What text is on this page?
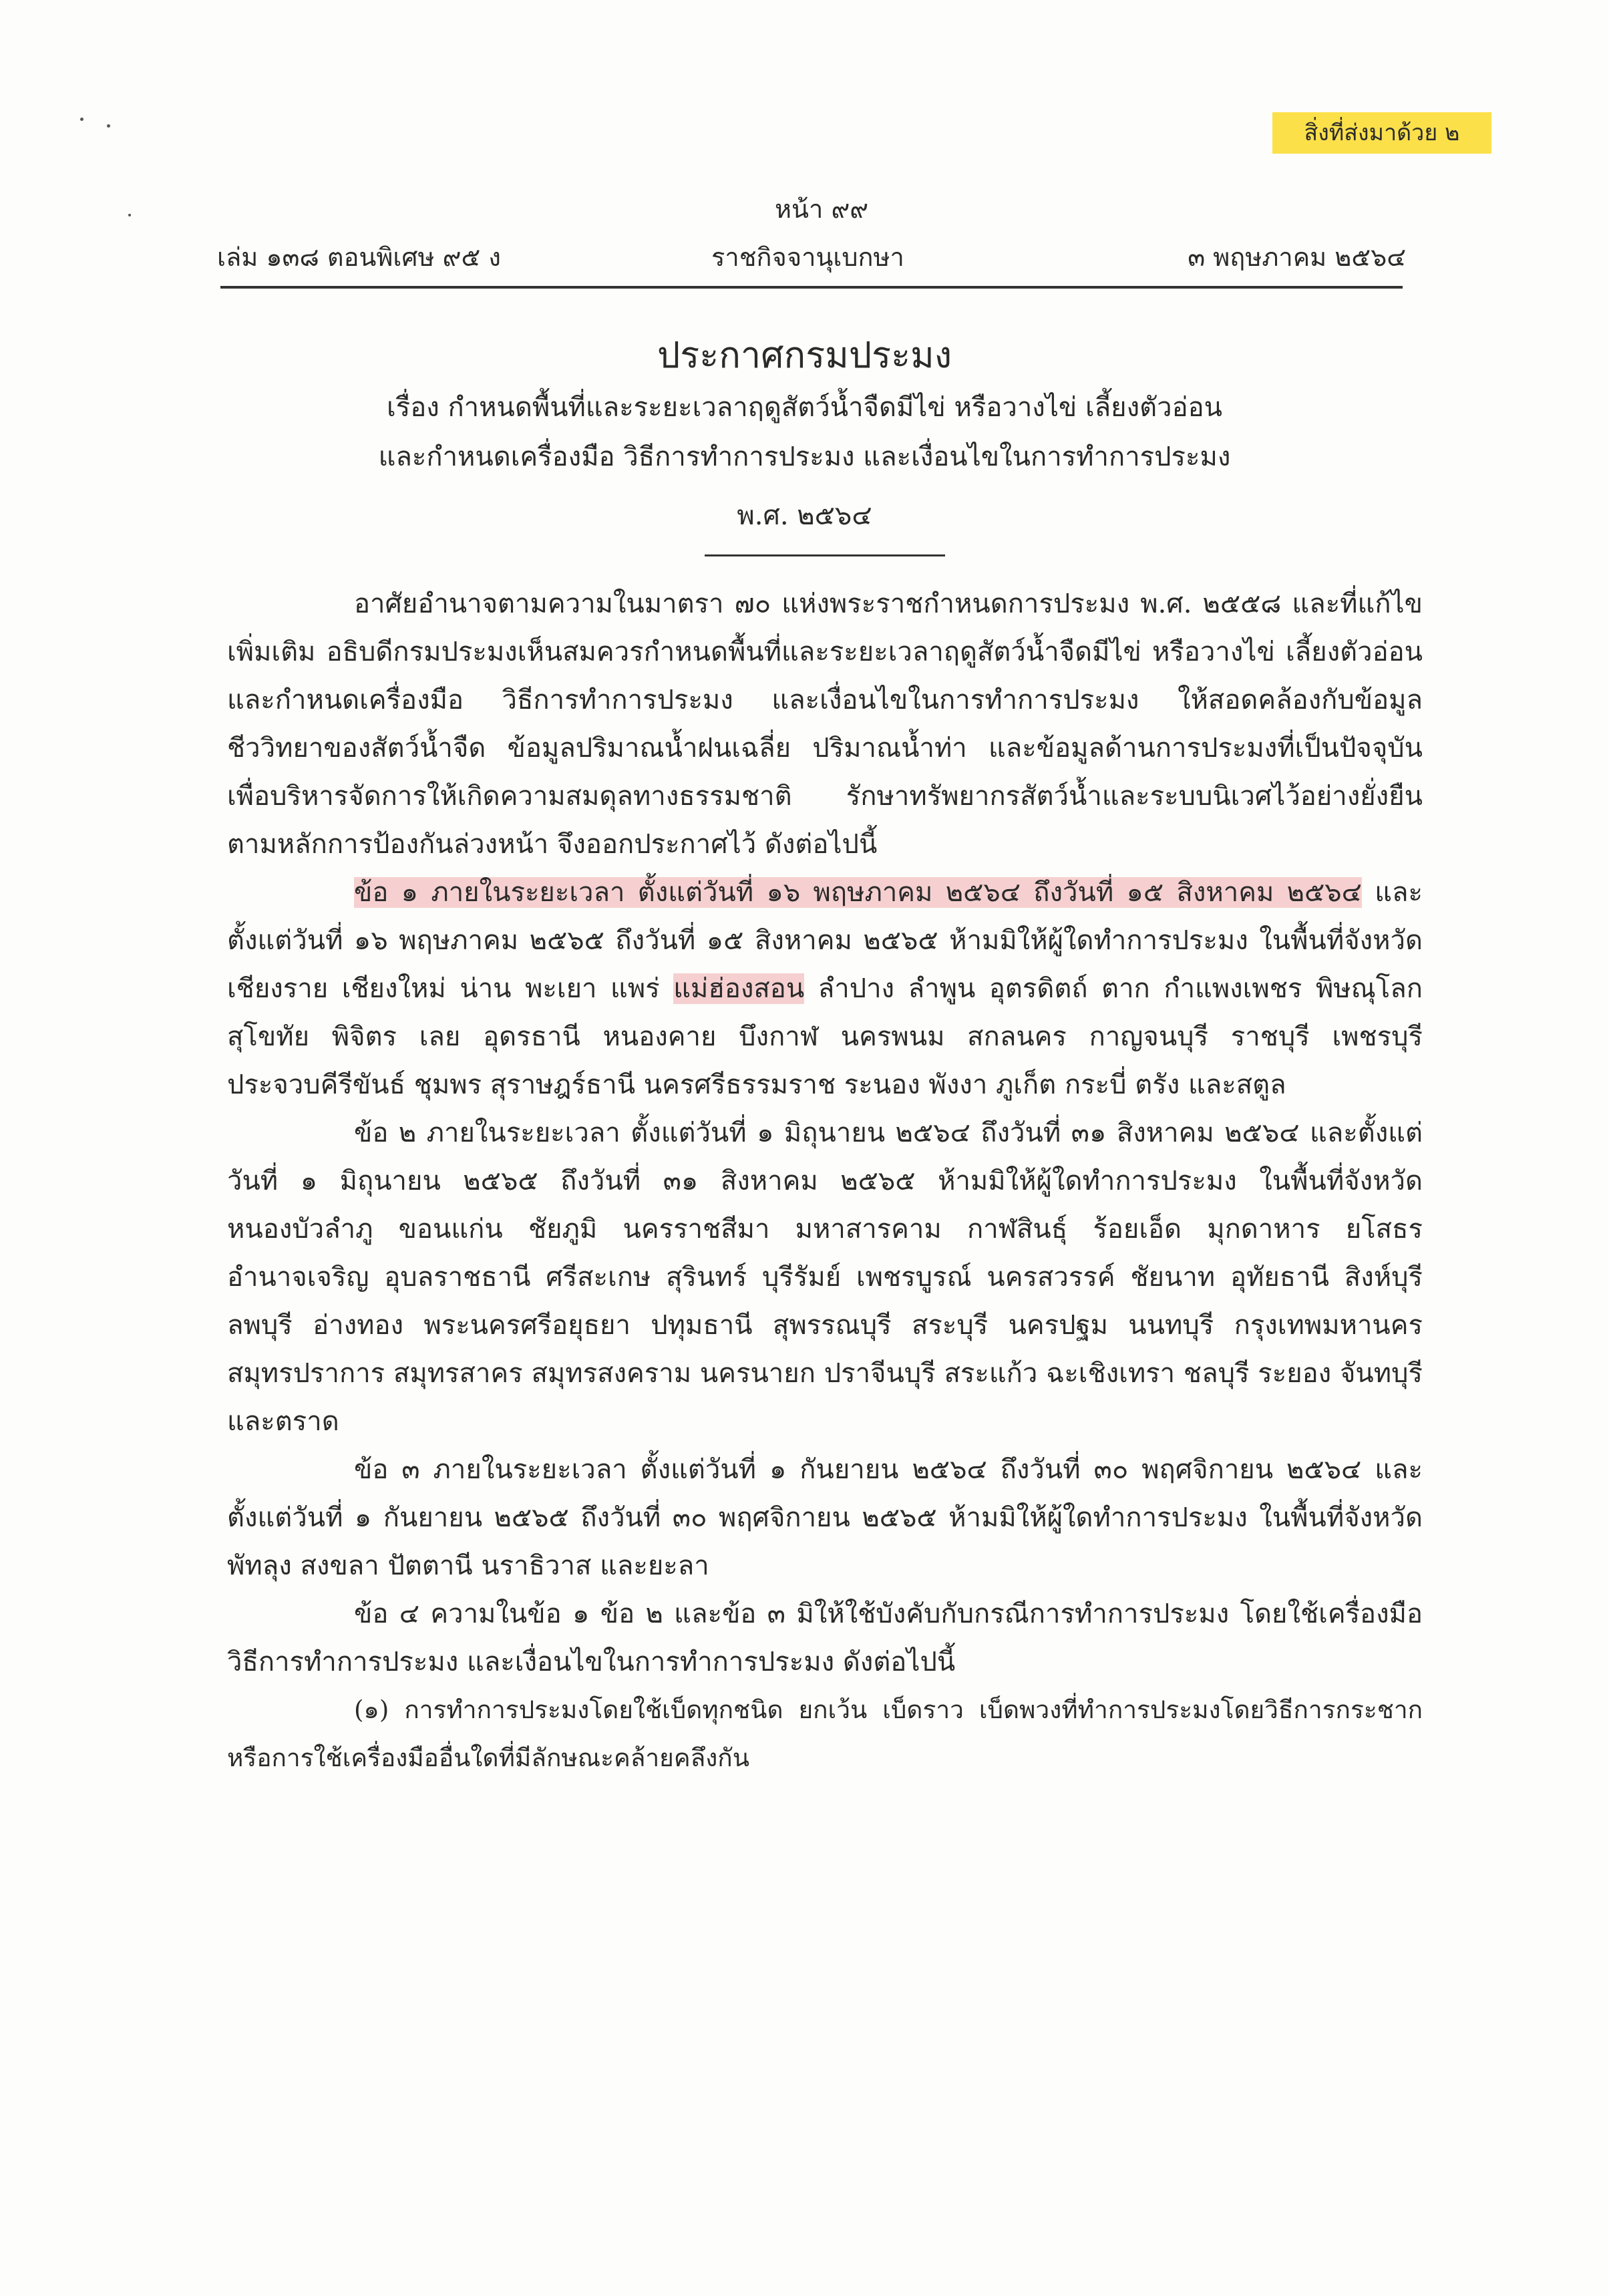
สิ่งที่ส่งมาด้วย ๒
หน้า ๙๙
เล่ม ๑๓๘ ตอนพิเศษ ๙๕ ง	ราชกิจจานุเบกษา	๓ พฤษภาคม ๒๕๖๔
ประกาศกรมประมง
เรื่อง กำหนดพื้นที่และระยะเวลาฤดูสัตว์น้ำจืดมีไข่ หรือวางไข่ เลี้ยงตัวอ่อน
และกำหนดเครื่องมือ วิธีการทำการประมง และเงื่อนไขในการทำการประมง
พ.ศ. ๒๕๖๔

อาศัยอำนาจตามความในมาตรา ๗๐ แห่งพระราชกำหนดการประมง พ.ศ. ๒๕๕๘ และที่แก้ไขเพิ่มเติม อธิบดีกรมประมงเห็นสมควรกำหนดพื้นที่และระยะเวลาฤดูสัตว์น้ำจืดมีไข่ หรือวางไข่ เลี้ยงตัวอ่อน และกำหนดเครื่องมือ วิธีการทำการประมง และเงื่อนไขในการทำการประมง ให้สอดคล้องกับข้อมูลชีววิทยาของสัตว์น้ำจืด ข้อมูลปริมาณน้ำฝนเฉลี่ย ปริมาณน้ำท่า และข้อมูลด้านการประมงที่เป็นปัจจุบัน เพื่อบริหารจัดการให้เกิดความสมดุลทางธรรมชาติ รักษาทรัพยากรสัตว์น้ำและระบบนิเวศไว้อย่างยั่งยืนตามหลักการป้องกันล่วงหน้า จึงออกประกาศไว้ ดังต่อไปนี้

ข้อ ๑ ภายในระยะเวลา ตั้งแต่วันที่ ๑๖ พฤษภาคม ๒๕๖๔ ถึงวันที่ ๑๕ สิงหาคม ๒๕๖๔ และตั้งแต่วันที่ ๑๖ พฤษภาคม ๒๕๖๕ ถึงวันที่ ๑๕ สิงหาคม ๒๕๖๕ ห้ามมิให้ผู้ใดทำการประมง ในพื้นที่จังหวัดเชียงราย เชียงใหม่ น่าน พะเยา แพร่ แม่ฮ่องสอน ลำปาง ลำพูน อุตรดิตถ์ ตาก กำแพงเพชร พิษณุโลก สุโขทัย พิจิตร เลย อุดรธานี หนองคาย บึงกาฬ นครพนม สกลนคร กาญจนบุรี ราชบุรี เพชรบุรี ประจวบคีรีขันธ์ ชุมพร สุราษฎร์ธานี นครศรีธรรมราช ระนอง พังงา ภูเก็ต กระบี่ ตรัง และสตูล

ข้อ ๒ ภายในระยะเวลา ตั้งแต่วันที่ ๑ มิถุนายน ๒๕๖๔ ถึงวันที่ ๓๑ สิงหาคม ๒๕๖๔ และตั้งแต่วันที่ ๑ มิถุนายน ๒๕๖๕ ถึงวันที่ ๓๑ สิงหาคม ๒๕๖๕ ห้ามมิให้ผู้ใดทำการประมง ในพื้นที่จังหวัดหนองบัวลำภู ขอนแก่น ชัยภูมิ นครราชสีมา มหาสารคาม กาฬสินธุ์ ร้อยเอ็ด มุกดาหาร ยโสธร อำนาจเจริญ อุบลราชธานี ศรีสะเกษ สุรินทร์ บุรีรัมย์ เพชรบูรณ์ นครสวรรค์ ชัยนาท อุทัยธานี สิงห์บุรี ลพบุรี อ่างทอง พระนครศรีอยุธยา ปทุมธานี สุพรรณบุรี สระบุรี นครปฐม นนทบุรี กรุงเทพมหานคร สมุทรปราการ สมุทรสาคร สมุทรสงคราม นครนายก ปราจีนบุรี สระแก้ว ฉะเชิงเทรา ชลบุรี ระยอง จันทบุรี และตราด

ข้อ ๓ ภายในระยะเวลา ตั้งแต่วันที่ ๑ กันยายน ๒๕๖๔ ถึงวันที่ ๓๐ พฤศจิกายน ๒๕๖๔ และตั้งแต่วันที่ ๑ กันยายน ๒๕๖๕ ถึงวันที่ ๓๐ พฤศจิกายน ๒๕๖๕ ห้ามมิให้ผู้ใดทำการประมง ในพื้นที่จังหวัดพัทลุง สงขลา ปัตตานี นราธิวาส และยะลา

ข้อ ๔ ความในข้อ ๑ ข้อ ๒ และข้อ ๓ มิให้ใช้บังคับกับกรณีการทำการประมง โดยใช้เครื่องมือ วิธีการทำการประมง และเงื่อนไขในการทำการประมง ดังต่อไปนี้

(๑) การทำการประมงโดยใช้เบ็ดทุกชนิด ยกเว้น เบ็ดราว เบ็ดพวงที่ทำการประมงโดยวิธีการกระชาก หรือการใช้เครื่องมืออื่นใดที่มีลักษณะคล้ายคลึงกัน
